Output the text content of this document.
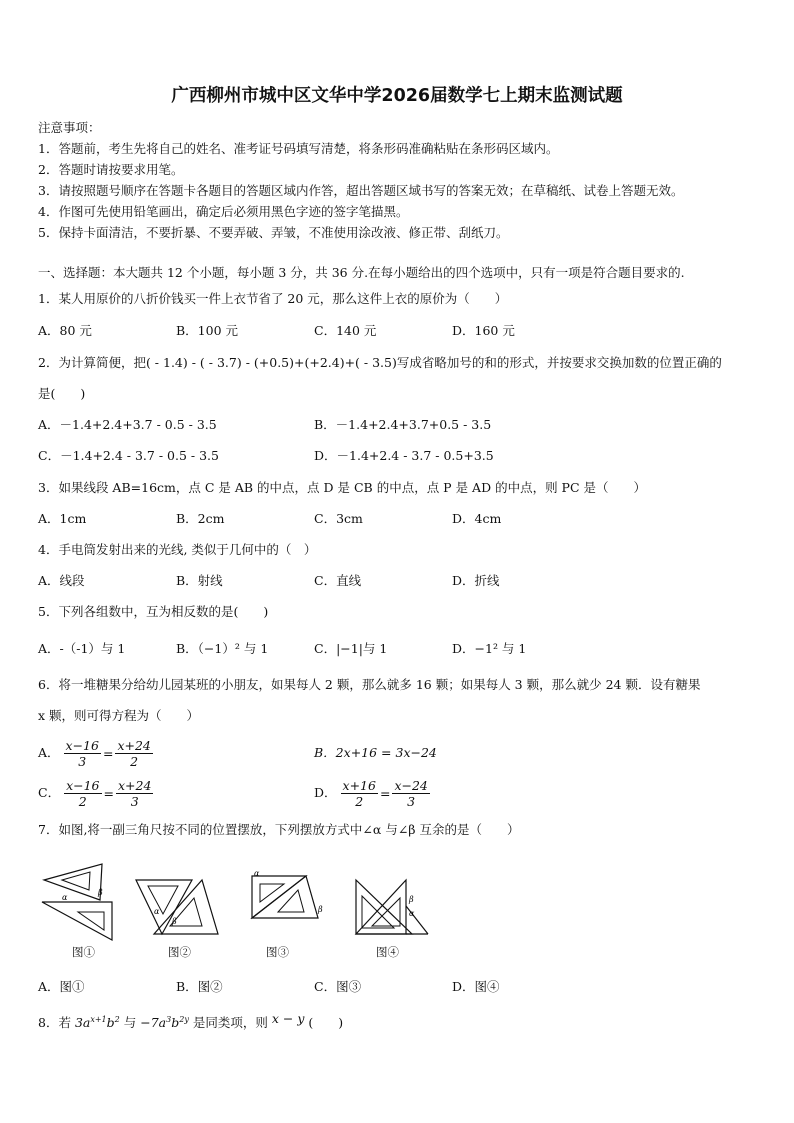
广西柳州市城中区文华中学2026届数学七上期末监测试题
注意事项：
1．答题前，考生先将自己的姓名、准考证号码填写清楚，将条形码准确粘贴在条形码区域内。
2．答题时请按要求用笔。
3．请按照题号顺序在答题卡各题目的答题区域内作答，超出答题区域书写的答案无效；在草稿纸、试卷上答题无效。
4．作图可先使用铅笔画出，确定后必须用黑色字迹的签字笔描黑。
5．保持卡面清洁，不要折暴、不要弄破、弄皱，不准使用涂改液、修正带、刮纸刀。
一、选择题：本大题共 12 个小题，每小题 3 分，共 36 分.在每小题给出的四个选项中，只有一项是符合题目要求的.
1．某人用原价的八折价钱买一件上衣节省了 20 元，那么这件上衣的原价为（　　）
A．80 元	B．100 元	C．140 元	D．160 元
2．为计算简便，把( - 1.4) - ( - 3.7) - (+0.5)+(+2.4)+( - 3.5)写成省略加号的和的形式，并按要求交换加数的位置正确的
是(　　)
A．－1.4+2.4+3.7 - 0.5 - 3.5	B．－1.4+2.4+3.7+0.5 - 3.5
C．－1.4+2.4 - 3.7 - 0.5 - 3.5	D．－1.4+2.4 - 3.7 - 0.5+3.5
3．如果线段 AB=16cm，点 C 是 AB 的中点，点 D 是 CB 的中点，点 P 是 AD 的中点，则 PC 是（　　）
A．1cm	B．2cm	C．3cm	D．4cm
4．手电筒发射出来的光线, 类似于几何中的（　）
A．线段	B．射线	C．直线	D．折线
5．下列各组数中，互为相反数的是(　　)
A．-（-1）与 1	B．（−1）² 与 1	C．|−1|与 1	D．−1² 与 1
6．将一堆糖果分给幼儿园某班的小朋友，如果每人 2 颗，那么就多 16 颗；如果每人 3 颗，那么就少 24 颗．设有糖果
x 颗，则可得方程为（　　）
A． $\frac{x-16}{3} = \frac{x+24}{2}$	B．2x+16 = 3x−24
C． $\frac{x-16}{2} = \frac{x+24}{3}$	D． $\frac{x+16}{2} = \frac{x-24}{3}$
7．如图,将一副三角尺按不同的位置摆放，下列摆放方式中∠α 与∠β 互余的是（　　）
α
β
图①
α
β
图②
α
β
图③
β
α
图④
A．图①	B．图②	C．图③	D．图④
8．若 $3a^{x+1}b^2$ 与 $-7a^3b^{2y}$ 是同类项，则 x − y (　　)
